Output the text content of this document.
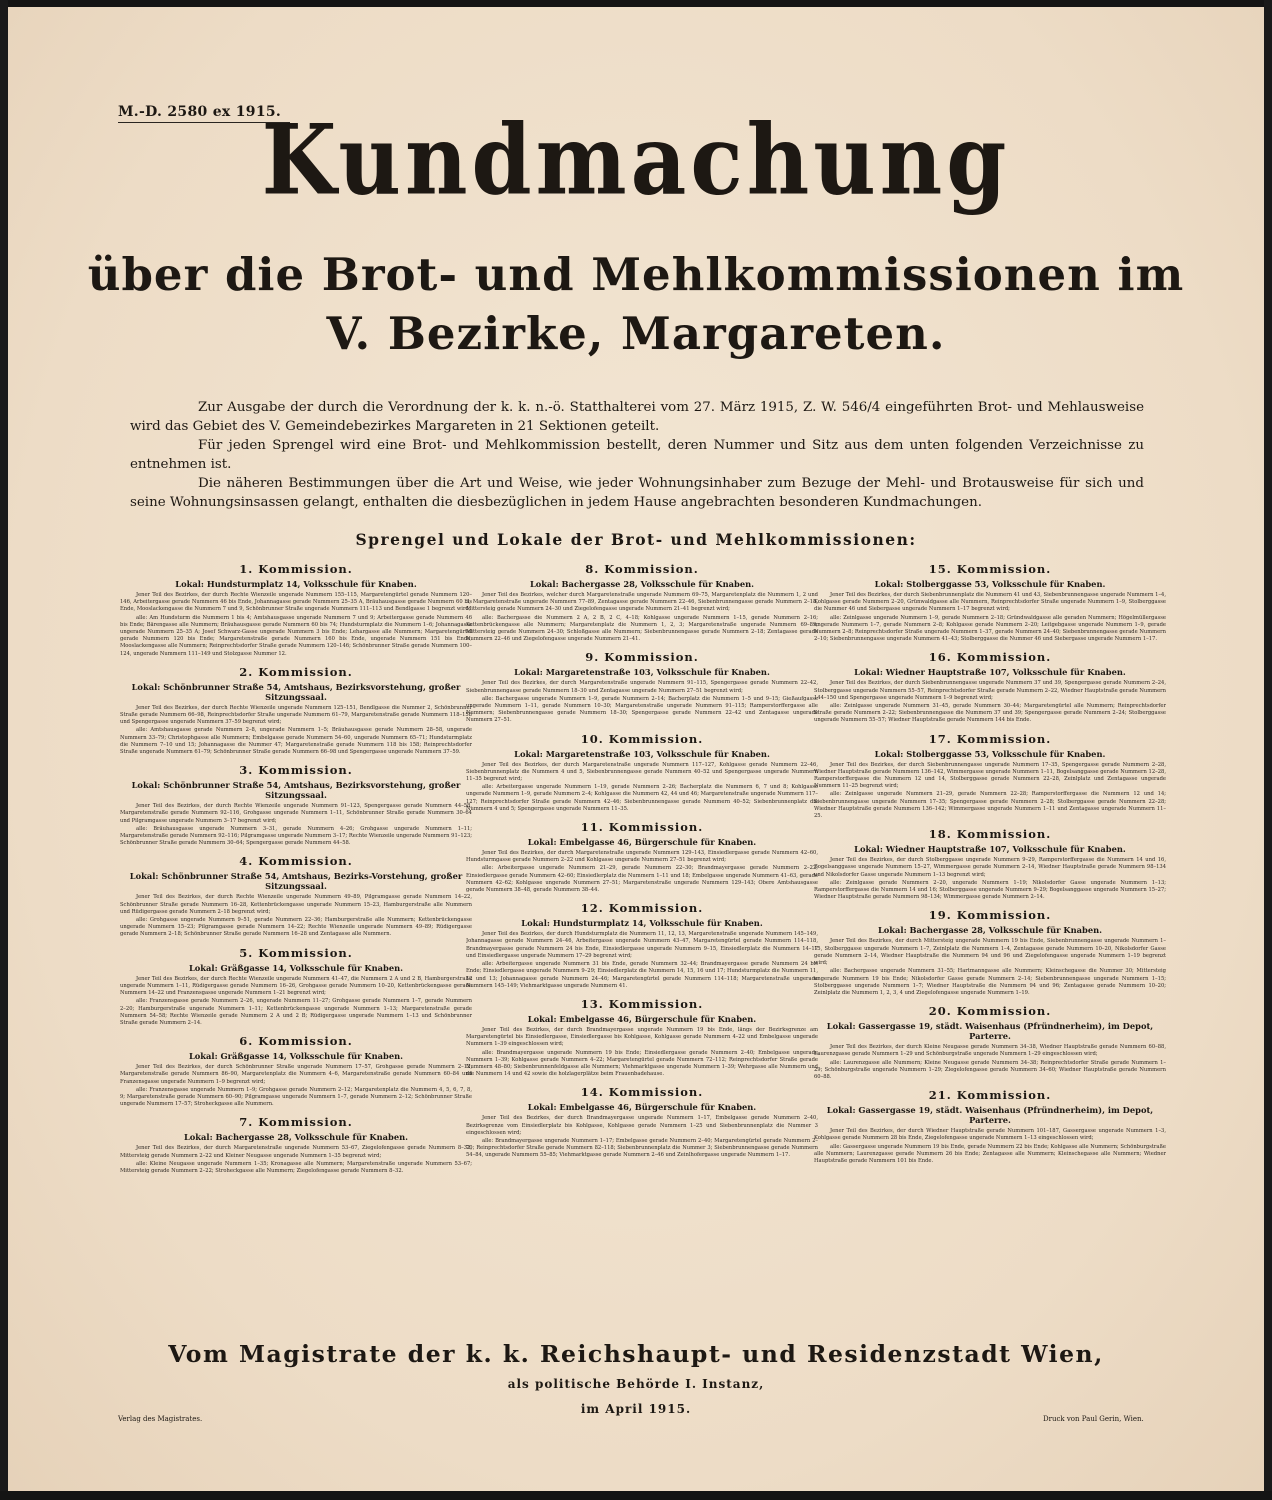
M.-D. 2580 ex 1915.
Kundmachung
über die Brot- und Mehlkommissionen im
V. Bezirke, Margareten.

Zur Ausgabe der durch die Verordnung der k. k. n.-ö. Statthalterei vom 27. März 1915, Z. W. 546/4 eingeführten Brot- und Mehlausweise wird das Gebiet des V. Gemeindebezirkes Margareten in 21 Sektionen geteilt.

Für jeden Sprengel wird eine Brot- und Mehlkommission bestellt, deren Nummer und Sitz aus dem unten folgenden Verzeichnisse zu entnehmen ist.

Die näheren Bestimmungen über die Art und Weise, wie jeder Wohnungsinhaber zum Bezuge der Mehl- und Brotausweise für sich und seine Wohnungsinsassen gelangt, enthalten die diesbezüglichen in jedem Hause angebrachten besonderen Kundmachungen.

Sprengel und Lokale der Brot- und Mehlkommissionen:
1. Kommission.
Lokal: Hundsturmplatz 14, Volksschule für Knaben.

Jener Teil des Bezirkes, der durch Rechte Wienzeile ungerade Nummern 155–115, Margaretengürtel gerade Nummern 120–146, Arbeitergasse gerade Nummern 46 bis Ende, Johannagasse gerade Nummern 25–35 A, Bräuhausgasse gerade Nummern 60 bis Ende, Mooslackengasse die Nummern 7 und 9, Schönbrunner Straße ungerade Nummern 111–113 und Bendlgasse 1 begrenzt wird;

alle: Am Hundsturm die Nummern 1 bis 4; Amtshausgasse ungerade Nummern 7 und 9; Arbeitergasse gerade Nummern 46 bis Ende; Bärengasse alle Nummern; Bräuhausgasse gerade Nummern 60 bis 74; Hundsturmplatz die Nummern 1–6; Johannagasse ungerade Nummern 25–35 A; Josef Schwarz-Gasse ungerade Nummern 3 bis Ende; Lehargasse alle Nummern; Margaretengürtel gerade Nummern 120 bis Ende; Margaretenstraße gerade Nummern 160 bis Ende, ungerade Nummern 151 bis Ende; Mooslackengasse alle Nummern; Reinprechtsdorfer Straße gerade Nummern 120–146; Schönbrunner Straße gerade Nummern 100–124, ungerade Nummern 111–149 und Stolzgasse Nummer 12.

2. Kommission.
Lokal: Schönbrunner Straße 54, Amtshaus, Bezirksvorstehung, großer Sitzungssaal.

Jener Teil des Bezirkes, der durch Rechte Wienzeile ungerade Nummern 125–151, Bendlgasse die Nummer 2, Schönbrunner Straße gerade Nummern 66–98, Reinprechtsdorfer Straße ungerade Nummern 61–79, Margaretenstraße gerade Nummern 118–158 und Spengergasse ungerade Nummern 37–59 begrenzt wird;

alle: Amtshausgasse gerade Nummern 2–8, ungerade Nummern 1–5; Bräuhausgasse gerade Nummern 28–58, ungerade Nummern 33–79; Christophgasse alle Nummern; Embelgasse gerade Nummern 54–60, ungerade Nummern 65–71; Hundsturmplatz die Nummern 7–10 und 15; Johannagasse die Nummer 47; Margaretenstraße gerade Nummern 118 bis 158; Reinprechtsdorfer Straße ungerade Nummern 61–79; Schönbrunner Straße gerade Nummern 66–98 und Spengergasse ungerade Nummern 37–59.

3. Kommission.
Lokal: Schönbrunner Straße 54, Amtshaus, Bezirksvorstehung, großer Sitzungssaal.

Jener Teil des Bezirkes, der durch Rechte Wienzeile ungerade Nummern 91–123, Spengergasse gerade Nummern 44–58, Margaretenstraße gerade Nummern 92–116, Grohgasse ungerade Nummern 1–11, Schönbrunner Straße gerade Nummern 30–64 und Pilgramgasse ungerade Nummern 3–17 begrenzt wird;

alle: Bräuhausgasse ungerade Nummern 3–31, gerade Nummern 4–26; Grohgasse ungerade Nummern 1–11; Margaretenstraße gerade Nummern 92–116; Pilgramgasse ungerade Nummern 3–17; Rechte Wienzeile ungerade Nummern 91–123; Schönbrunner Straße gerade Nummern 30–64; Spengergasse gerade Nummern 44–58.

4. Kommission.
Lokal: Schönbrunner Straße 54, Amtshaus, Bezirks-Vorstehung, großer Sitzungssaal.

Jener Teil des Bezirkes, der durch Rechte Wienzeile ungerade Nummern 49–89, Pilgramgasse gerade Nummern 14–22, Schönbrunner Straße gerade Nummern 16–28, Kettenbrückengasse ungerade Nummern 15–23, Hamburgerstraße alle Nummern und Rüdigergasse gerade Nummern 2–18 begrenzt wird;

alle: Grohgasse ungerade Nummern 9–51, gerade Nummern 22–36; Hamburgerstraße alle Nummern; Kettenbrückengasse ungerade Nummern 15–23; Pilgramgasse gerade Nummern 14–22; Rechte Wienzeile ungerade Nummern 49–89; Rüdigergasse gerade Nummern 2–18; Schönbrunner Straße gerade Nummern 16–28 und Zentagasse alle Nummern.

5. Kommission.
Lokal: Gräßgasse 14, Volksschule für Knaben.

Jener Teil des Bezirkes, der durch Rechte Wienzeile ungerade Nummern 41–47, die Nummern 2 A und 2 B, Hamburgerstraße ungerade Nummern 1–11, Rüdigergasse gerade Nummern 16–26, Grohgasse gerade Nummern 10–20, Kettenbrückengasse gerade Nummern 14–22 und Franzensgasse ungerade Nummern 1–21 begrenzt wird;

alle: Franzensgasse gerade Nummern 2–26, ungerade Nummern 11–27; Grohgasse gerade Nummern 1–7, gerade Nummern 2–20; Hamburgerstraße ungerade Nummern 1–11; Kettenbrückengasse ungerade Nummern 1–13; Margaretenstraße gerade Nummern 54–58; Rechte Wienzeile gerade Nummern 2 A und 2 B; Rüdigergasse ungerade Nummern 1–13 und Schönbrunner Straße gerade Nummern 2–14.

6. Kommission.
Lokal: Gräßgasse 14, Volksschule für Knaben.

Jener Teil des Bezirkes, der durch Schönbrunner Straße ungerade Nummern 17–57, Grohgasse gerade Nummern 2–12, Margaretenstraße gerade Nummern 86–90, Margaretenplatz die Nummern 4–6, Margaretenstraße gerade Nummern 60–84 und Franzensgasse ungerade Nummern 1–9 begrenzt wird;

alle: Franzensgasse ungerade Nummern 1–9; Grohgasse gerade Nummern 2–12; Margaretenplatz die Nummern 4, 5, 6, 7, 8, 9; Margaretenstraße gerade Nummern 60–90; Pilgramgasse ungerade Nummern 1–7, gerade Nummern 2–12; Schönbrunner Straße ungerade Nummern 17–57; Stroheckgasse alle Nummern.

7. Kommission.
Lokal: Bachergasse 28, Volksschule für Knaben.

Jener Teil des Bezirkes, der durch Margaretenstraße ungerade Nummern 53–67, Ziegelofengasse gerade Nummern 8–32, Mittersteig gerade Nummern 2–22 und Kleiner Neugasse ungerade Nummern 1–35 begrenzt wird;

alle: Kleine Neugasse ungerade Nummern 1–35; Kronagasse alle Nummern; Margaretenstraße ungerade Nummern 53–67; Mittersteig gerade Nummern 2–22; Stroheckgasse alle Nummern; Ziegelofengasse gerade Nummern 8–32.

8. Kommission.
Lokal: Bachergasse 28, Volksschule für Knaben.

Jener Teil des Bezirkes, welcher durch Margaretenstraße ungerade Nummern 69–75, Margaretenplatz die Nummern 1, 2 und 3, Margaretenstraße ungerade Nummern 77–89, Zentagasse gerade Nummern 22–46, Siebenbrunnengasse gerade Nummern 2–18, Mittersteig gerade Nummern 24–30 und Ziegelofengasse ungerade Nummern 21–41 begrenzt wird;

alle: Bachergasse die Nummern 2 A, 2 B, 2 C, 4–18; Kohlgasse ungerade Nummern 1–15, gerade Nummern 2–16; Kettenbrückengasse alle Nummern; Margaretenplatz die Nummern 1, 2, 3; Margaretenstraße ungerade Nummern 69–89; Mittersteig gerade Nummern 24–30; Schloßgasse alle Nummern; Siebenbrunnengasse gerade Nummern 2–18; Zentagasse gerade Nummern 22–46 und Ziegelofengasse ungerade Nummern 21–41.

9. Kommission.
Lokal: Margaretenstraße 103, Volksschule für Knaben.

Jener Teil des Bezirkes, der durch Margaretenstraße ungerade Nummern 91–115, Spengergasse gerade Nummern 22–42, Siebenbrunnengasse gerade Nummern 18–30 und Zentagasse ungerade Nummern 27–51 begrenzt wird;

alle: Bachergasse ungerade Nummern 1–9, gerade Nummern 2–14; Bacherplatz die Nummern 1–5 und 9–15; Gießaufgasse ungerade Nummern 1–11, gerade Nummern 10–30; Margaretenstraße ungerade Nummern 91–115; Ramperstorffergasse alle Nummern; Siebenbrunnengasse gerade Nummern 18–30; Spengergasse gerade Nummern 22–42 und Zentagasse ungerade Nummern 27–51.

10. Kommission.
Lokal: Margaretenstraße 103, Volksschule für Knaben.

Jener Teil des Bezirkes, der durch Margaretenstraße ungerade Nummern 117–127, Kohlgasse gerade Nummern 22–46, Siebenbrunnenplatz die Nummern 4 und 5, Siebenbrunnengasse gerade Nummern 40–52 und Spengergasse ungerade Nummern 11–35 begrenzt wird;

alle: Arbeitergasse ungerade Nummern 1–19, gerade Nummern 2–26; Bacherplatz die Nummern 6, 7 und 8; Kohlgasse ungerade Nummern 1–9, gerade Nummern 2–4; Kohlgasse die Nummern 42, 44 und 46; Margaretenstraße ungerade Nummern 117–127; Reinprechtsdorfer Straße gerade Nummern 42–46; Siebenbrunnengasse gerade Nummern 40–52; Siebenbrunnenplatz die Nummern 4 und 5; Spengergasse ungerade Nummern 11–35.

11. Kommission.
Lokal: Embelgasse 46, Bürgerschule für Knaben.

Jener Teil des Bezirkes, der durch Margaretenstraße ungerade Nummern 129–143, Einsiedlergasse gerade Nummern 42–60, Hundsturmgasse gerade Nummern 2–22 und Kohlgasse ungerade Nummern 27–51 begrenzt wird;

alle: Arbeitergasse ungerade Nummern 21–29, gerade Nummern 22–30; Brandmayergasse gerade Nummern 2–22; Einsiedlergasse gerade Nummern 42–60; Einsiedlerplatz die Nummern 1–11 und 18; Embelgasse ungerade Nummern 41–63, gerade Nummern 42–62; Kohlgasse ungerade Nummern 27–51; Margaretenstraße ungerade Nummern 129–143; Obere Amtshausgasse gerade Nummern 38–48, gerade Nummern 38–44.

12. Kommission.
Lokal: Hundsturmplatz 14, Volksschule für Knaben.

Jener Teil des Bezirkes, der durch Hundsturmplatz die Nummern 11, 12, 13, Margaretenstraße ungerade Nummern 145–149, Johannagasse gerade Nummern 24–46, Arbeitergasse ungerade Nummern 43–47, Margaretengürtel gerade Nummern 114–118, Brandmayergasse gerade Nummern 24 bis Ende, Einsiedlergasse ungerade Nummern 9–15, Einsiedlerplatz die Nummern 14–17 und Einsiedlergasse ungerade Nummern 17–29 begrenzt wird;

alle: Arbeitergasse ungerade Nummern 31 bis Ende, gerade Nummern 32–44; Brandmayergasse gerade Nummern 24 bis Ende; Einsiedlergasse ungerade Nummern 9–29; Einsiedlerplatz die Nummern 14, 15, 16 und 17; Hundsturmplatz die Nummern 11, 12 und 13; Johannagasse gerade Nummern 24–46; Margaretengürtel gerade Nummern 114–118; Margaretenstraße ungerade Nummern 145–149; Viehmarktgasse ungerade Nummern 41.

13. Kommission.
Lokal: Embelgasse 46, Bürgerschule für Knaben.

Jener Teil des Bezirkes, der durch Brandmayergasse ungerade Nummern 19 bis Ende, längs der Bezirksgrenze am Margaretengürtel bis Einsiedlergasse, Einsiedlergasse bis Kohlgasse, Kohlgasse gerade Nummern 4–22 und Embelgasse ungerade Nummern 1–39 eingeschlossen wird;

alle: Brandmayergasse ungerade Nummern 19 bis Ende; Einsiedlergasse gerade Nummern 2–40; Embelgasse ungerade Nummern 1–39; Kohlgasse gerade Nummern 4–22; Margaretengürtel gerade Nummern 72–112; Reinprechtsdorfer Straße gerade Nummern 48–80; Siebenbrunnenfeldgasse alle Nummern; Viehmarktgasse ungerade Nummern 1–39; Wehrgasse alle Nummern und die Nummern 14 und 42 sowie die holzlagerplätze beim Frauenbadehause.

14. Kommission.
Lokal: Embelgasse 46, Bürgerschule für Knaben.

Jener Teil des Bezirkes, der durch Brandmayergasse ungerade Nummern 1–17, Embelgasse gerade Nummern 2–40, Bezirksgrenze vom Einsiedlerplatz bis Kohlgasse, Kohlgasse gerade Nummern 1–25 und Siebenbrunnenplatz die Nummer 3 eingeschlossen wird;

alle: Brandmayergasse ungerade Nummern 1–17; Embelgasse gerade Nummern 2–40; Margaretengürtel gerade Nummern 2–70; Reinprechtsdorfer Straße gerade Nummern 82–118; Siebenbrunnenplatz die Nummer 3; Siebenbrunnengasse gerade Nummern 54–84, ungerade Nummern 55–85; Viehmarktgasse gerade Nummern 2–46 und Zeinlhofergasse ungerade Nummern 1–17.

15. Kommission.
Lokal: Stolberggasse 53, Volksschule für Knaben.

Jener Teil des Bezirkes, der durch Siebenbrunnenplatz die Nummern 41 und 43, Siebenbrunnengasse ungerade Nummern 1–4, Kohlgasse gerade Nummern 2–20, Grünwaldgasse alle Nummern, Reinprechtsdorfer Straße ungerade Nummern 1–9, Stolberggasse die Nummer 46 und Siebergasse ungerade Nummern 1–17 begrenzt wird;

alle: Zeinlgasse ungerade Nummern 1–9, gerade Nummern 2–18; Gründwaldgasse alle geraden Nummern; Högelmüllergasse ungerade Nummern 1–7, gerade Nummern 2–8; Kohlgasse gerade Nummern 2–20; Leitgebgasse ungerade Nummern 1–9, gerade Nummern 2–8; Reinprechtsdorfer Straße ungerade Nummern 1–37, gerade Nummern 24–40; Siebenbrunnengasse gerade Nummern 2–10; Siebenbrunnengasse ungerade Nummern 41–43; Stolberggasse die Nummer 46 und Siebergasse ungerade Nummern 1–17.

16. Kommission.
Lokal: Wiedner Hauptstraße 107, Volksschule für Knaben.

Jener Teil des Bezirkes, der durch Siebenbrunnengasse ungerade Nummern 37 und 39, Spengergasse gerade Nummern 2–24, Stolberggasse ungerade Nummern 55–57, Reinprechtsdorfer Straße gerade Nummern 2–22, Wiedner Hauptstraße gerade Nummern 144–150 und Spengergasse ungerade Nummern 1–9 begrenzt wird;

alle: Zeinlgasse ungerade Nummern 31–45, gerade Nummern 30–44; Margaretengürtel alle Nummern; Reinprechtsdorfer Straße gerade Nummern 2–22; Siebenbrunnengasse die Nummern 37 und 39; Spengergasse gerade Nummern 2–24; Stolberggasse ungerade Nummern 55–57; Wiedner Hauptstraße gerade Nummern 144 bis Ende.

17. Kommission.
Lokal: Stolberggasse 53, Volksschule für Knaben.

Jener Teil des Bezirkes, der durch Siebenbrunnengasse ungerade Nummern 17–35, Spengergasse gerade Nummern 2–28, Wiedner Hauptstraße gerade Nummern 136–142, Wimmergasse ungerade Nummern 1–11, Bogelsanggasse gerade Nummern 12–28, Ramperstorffergasse die Nummern 12 und 14, Stolberggasse gerade Nummern 22–28, Zeinlplatz und Zentagasse ungerade Nummern 11–25 begrenzt wird;

alle: Zeinlgasse ungerade Nummern 21–29, gerade Nummern 22–28; Ramperstorffergasse die Nummern 12 und 14; Siebenbrunnengasse ungerade Nummern 17–35; Spengergasse gerade Nummern 2–28; Stolberggasse gerade Nummern 22–28; Wiedner Hauptstraße gerade Nummern 136–142; Wimmergasse ungerade Nummern 1–11 und Zentagasse ungerade Nummern 11–25.

18. Kommission.
Lokal: Wiedner Hauptstraße 107, Volksschule für Knaben.

Jener Teil des Bezirkes, der durch Stolberggasse ungerade Nummern 9–29, Ramperstorffergasse die Nummern 14 und 16, Bogelsanggasse ungerade Nummern 15–27, Wimmergasse gerade Nummern 2–14, Wiedner Hauptstraße gerade Nummern 98–134 und Nikolsdorfer Gasse ungerade Nummern 1–13 begrenzt wird;

alle: Zeinlgasse gerade Nummern 2–20, ungerade Nummern 1–19; Nikolsdorfer Gasse ungerade Nummern 1–13; Ramperstorffergasse die Nummern 14 und 16; Stolberggasse ungerade Nummern 9–29; Bogelsanggasse ungerade Nummern 15–27; Wiedner Hauptstraße gerade Nummern 98–134; Wimmergasse gerade Nummern 2–14.

19. Kommission.
Lokal: Bachergasse 28, Volksschule für Knaben.

Jener Teil des Bezirkes, der durch Mittersteig ungerade Nummern 19 bis Ende, Siebenbrunnengasse ungerade Nummern 1–15, Stolberggasse ungerade Nummern 1–7, Zeinlplatz die Nummern 1–4, Zentagasse gerade Nummern 10–20, Nikolsdorfer Gasse gerade Nummern 2–14, Wiedner Hauptstraße die Nummern 94 und 96 und Ziegelofengasse ungerade Nummern 1–19 begrenzt wird;

alle: Bachergasse ungerade Nummern 31–55; Hartmanngasse alle Nummern; Kleinschegasse die Nummer 30; Mittersteig ungerade Nummern 19 bis Ende; Nikolsdorfer Gasse gerade Nummern 2–14; Siebenbrunnengasse ungerade Nummern 1–15; Stolberggasse ungerade Nummern 1–7; Wiedner Hauptstraße die Nummern 94 und 96; Zentagasse gerade Nummern 10–20; Zeinlplatz die Nummern 1, 2, 3, 4 und Ziegelofengasse ungerade Nummern 1–19.

20. Kommission.
Lokal: Gassergasse 19, städt. Waisenhaus (Pfründnerheim), im Depot, Parterre.

Jener Teil des Bezirkes, der durch Kleine Neugasse gerade Nummern 34–38, Wiedner Hauptstraße gerade Nummern 60–88, Laurenzgasse gerade Nummern 1–29 und Schönburgstraße ungerade Nummern 1–29 eingeschlossen wird;

alle: Laurenzgasse alle Nummern; Kleine Neugasse gerade Nummern 34–38; Reinprechtsdorfer Straße gerade Nummern 1–29; Schönburgstraße ungerade Nummern 1–29; Ziegelofengasse gerade Nummern 34–60; Wiedner Hauptstraße gerade Nummern 60–88.

21. Kommission.
Lokal: Gassergasse 19, städt. Waisenhaus (Pfründnerheim), im Depot, Parterre.

Jener Teil des Bezirkes, der durch Wiedner Hauptstraße gerade Nummern 101–187, Gassergasse ungerade Nummern 1–3, Kohlgasse gerade Nummern 28 bis Ende, Ziegelofengasse ungerade Nummern 1–13 eingeschlossen wird;

alle: Gassergasse ungerade Nummern 19 bis Ende, gerade Nummern 22 bis Ende; Kohlgasse alle Nummern; Schönburgstraße alle Nummern; Laurenzgasse gerade Nummern 26 bis Ende; Zentagasse alle Nummern; Kleinschegasse alle Nummern; Wiedner Hauptstraße gerade Nummern 101 bis Ende.

Vom Magistrate der k. k. Reichshaupt- und Residenzstadt Wien,
als politische Behörde I. Instanz,
im April 1915.
Verlag des Magistrates.	Druck von Paul Gerin, Wien.
